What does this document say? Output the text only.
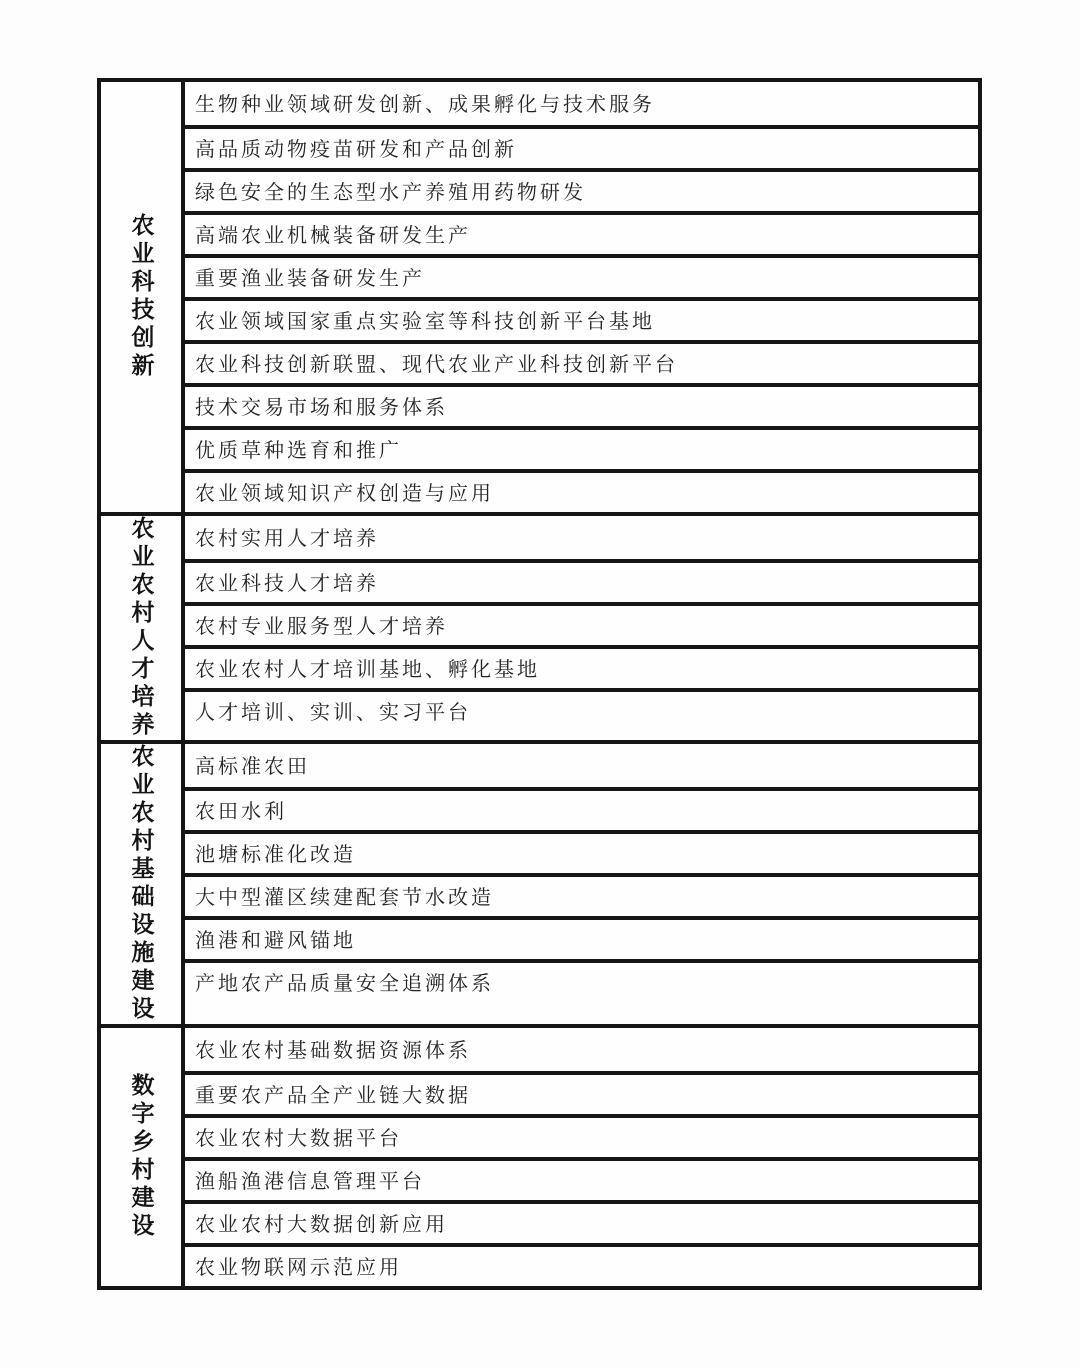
农业科技创新
生物种业领域研发创新、成果孵化与技术服务
高品质动物疫苗研发和产品创新
绿色安全的生态型水产养殖用药物研发
高端农业机械装备研发生产
重要渔业装备研发生产
农业领域国家重点实验室等科技创新平台基地
农业科技创新联盟、现代农业产业科技创新平台
技术交易市场和服务体系
优质草种选育和推广
农业领域知识产权创造与应用
农业农村人才培养 农村实用人才培养
农业科技人才培养
农村专业服务型人才培养
农业农村人才培训基地、孵化基地
人才培训、实训、实习平台
农业农村基础设施建设 高标准农田
农田水利
池塘标准化改造
大中型灌区续建配套节水改造
渔港和避风锚地
产地农产品质量安全追溯体系
数字乡村建设
农业农村基础数据资源体系
重要农产品全产业链大数据
农业农村大数据平台
渔船渔港信息管理平台
农业农村大数据创新应用
农业物联网示范应用
